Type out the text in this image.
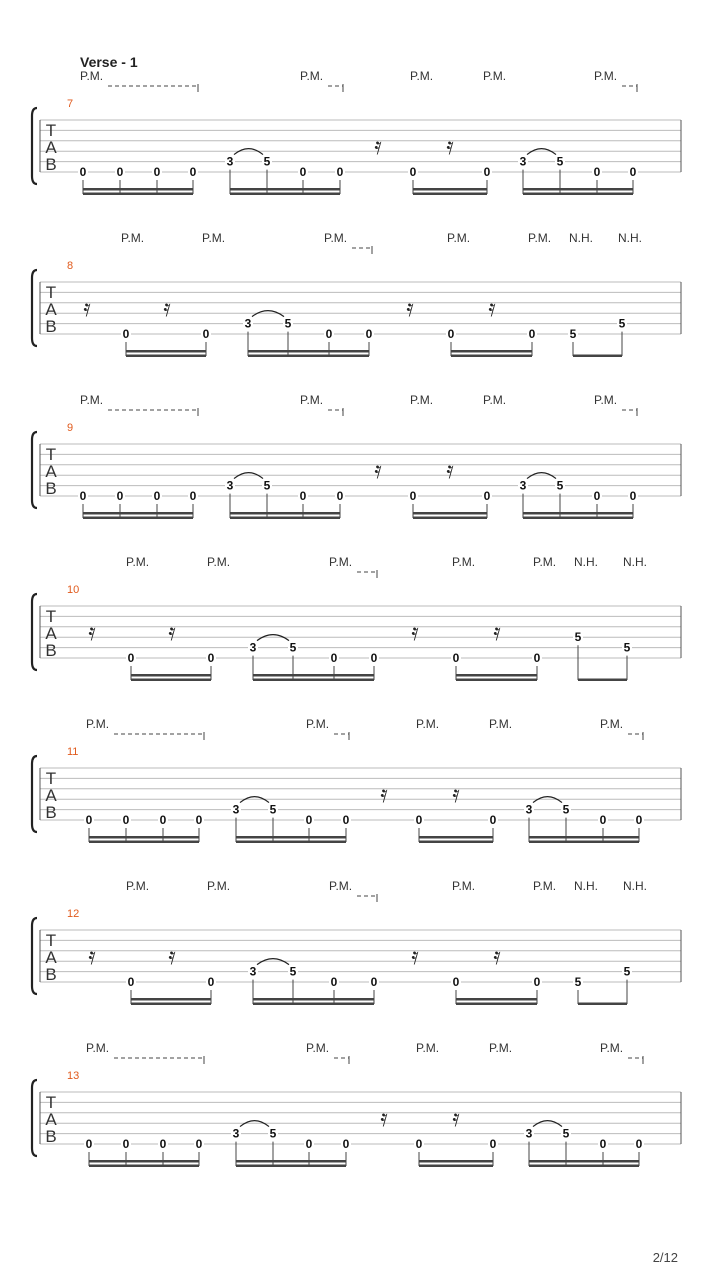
Verse - 1
7
T
A
B
P.M.	P.M.	P.M.	P.M.	P.M.
0	0	0 0
3	5
0	0	0	0
3	5
0 0
𝄿	𝄿
8
T
A
B
P.M.	P.M.	P.M.	P.M.	P.M. N.H. N.H.
0	0
3	5
0	0	0	0	5
5
𝄿	𝄿	𝄿	𝄿
9
T
A
B
P.M.	P.M.	P.M.	P.M.	P.M.
0	0	0 0
3	5
0	0	0	0
3	5
0 0
𝄿	𝄿
10
T
A
B
P.M.	P.M.	P.M.	P.M.	P.M. N.H. N.H.
0	0
3	5
0	0	0	0
5
5
𝄿	𝄿	𝄿	𝄿
11
T
A
B
P.M.	P.M.	P.M.	P.M.	P.M.
0	0	0 0
3	5
0	0	0	0
3	5
0 0
𝄿	𝄿
12
T
A
B
P.M.	P.M.	P.M.	P.M.	P.M. N.H. N.H.
0	0
3	5
0	0	0	0	5
5
𝄿	𝄿	𝄿	𝄿
13
T
A
B
P.M.	P.M.	P.M.	P.M.	P.M.
0	0	0 0
3	5
0	0	0	0
3	5
0 0
𝄿	𝄿
2/12
